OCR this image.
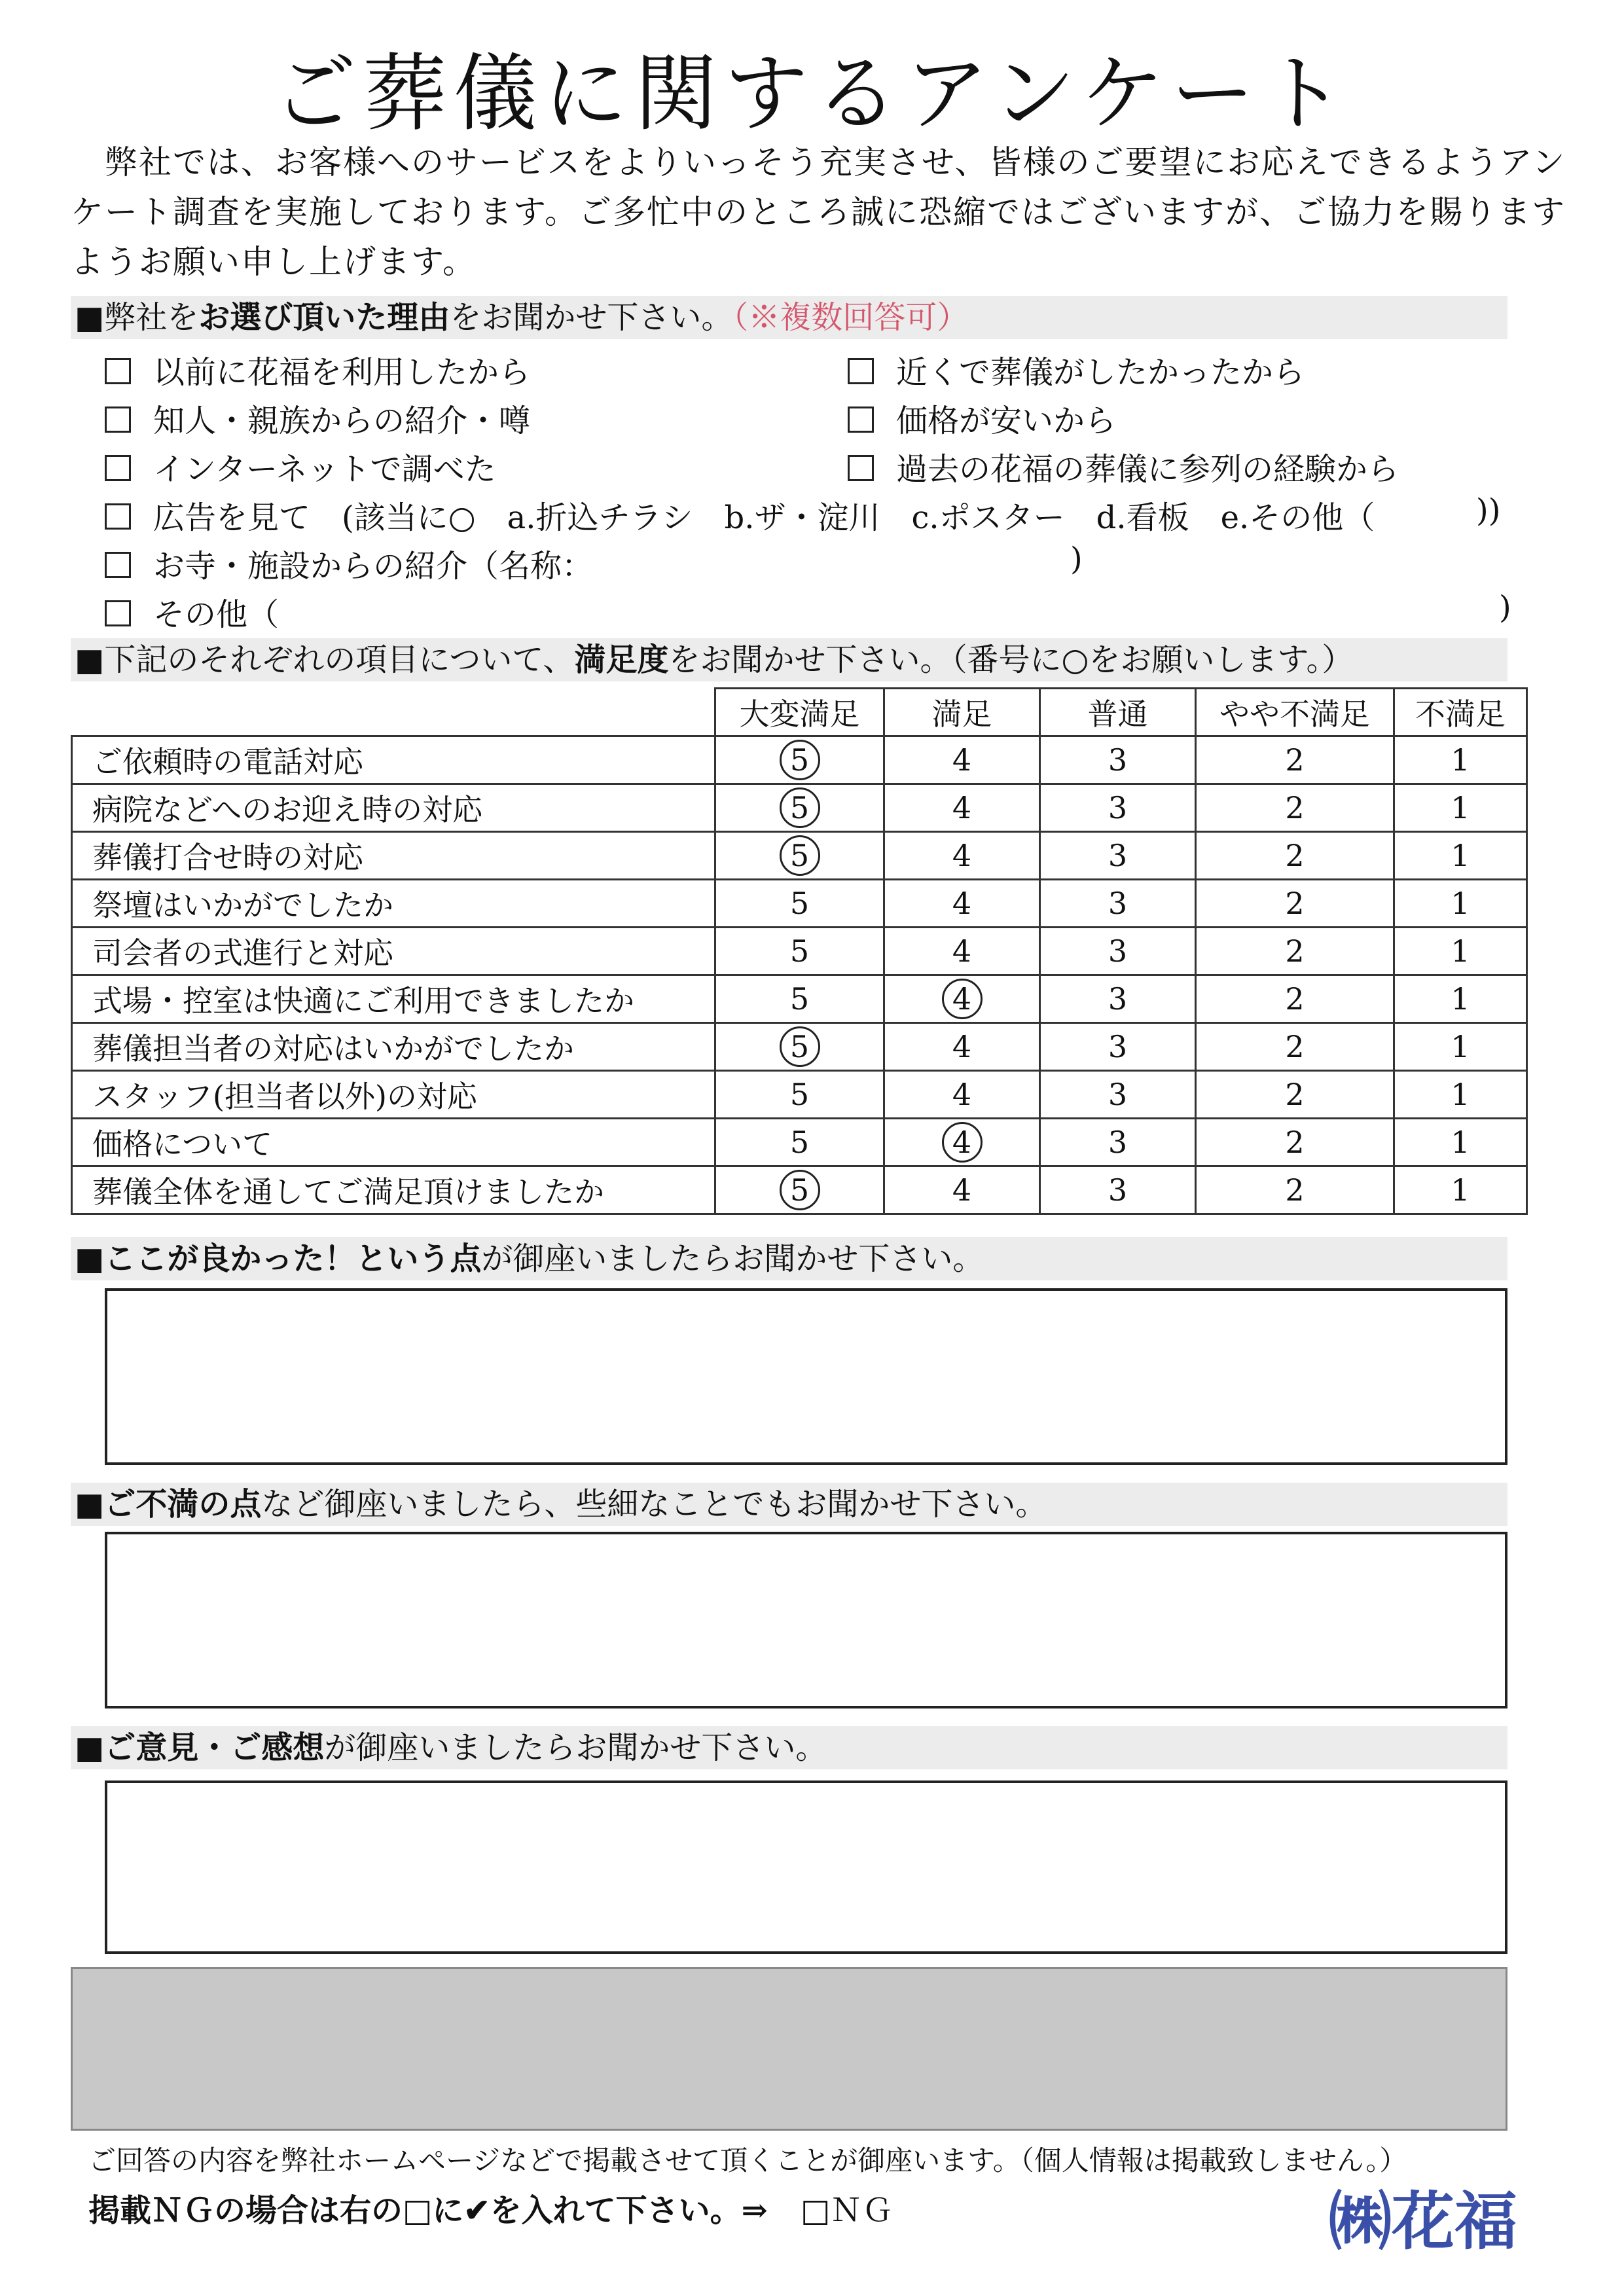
ご葬儀に関するアンケート
　弊社では、お客様へのサービスをよりいっそう充実させ、皆様のご要望にお応えできるようアン
ケート調査を実施しております。ご多忙中のところ誠に恐縮ではございますが、ご協力を賜ります
ようお願い申し上げます。
■弊社をお選び頂いた理由をお聞かせ下さい。（※複数回答可）
以前に花福を利用したから	近くで葬儀がしたかったから
知人・親族からの紹介・噂	価格が安いから
インターネットで調べた	過去の花福の葬儀に参列の経験から
広告を見て　(該当に○　a.折込チラシ　b.ザ・淀川　c.ポスター　d.看板　e.その他（	))
お寺・施設からの紹介（名称：	)
その他（	)
■下記のそれぞれの項目について、満足度をお聞かせ下さい。（番号に○をお願いします。）
	大変満足	満足	普通	やや不満足	不満足
ご依頼時の電話対応	5	4	3	2	1
病院などへのお迎え時の対応	5	4	3	2	1
葬儀打合せ時の対応	5	4	3	2	1
祭壇はいかがでしたか	5	4	3	2	1
司会者の式進行と対応	5	4	3	2	1
式場・控室は快適にご利用できましたか	5	4	3	2	1
葬儀担当者の対応はいかがでしたか	5	4	3	2	1
スタッフ(担当者以外)の対応	5	4	3	2	1
価格について	5	4	3	2	1
葬儀全体を通してご満足頂けましたか	5	4	3	2	1
■ここが良かった！という点が御座いましたらお聞かせ下さい。
■ご不満の点など御座いましたら、些細なことでもお聞かせ下さい。
■ご意見・ご感想が御座いましたらお聞かせ下さい。
ご回答の内容を弊社ホームページなどで掲載させて頂くことが御座います。（個人情報は掲載致しません。）
掲載ＮＧの場合は右の□に✔を入れて下さい。⇒ □ＮＧ	㈱花福
